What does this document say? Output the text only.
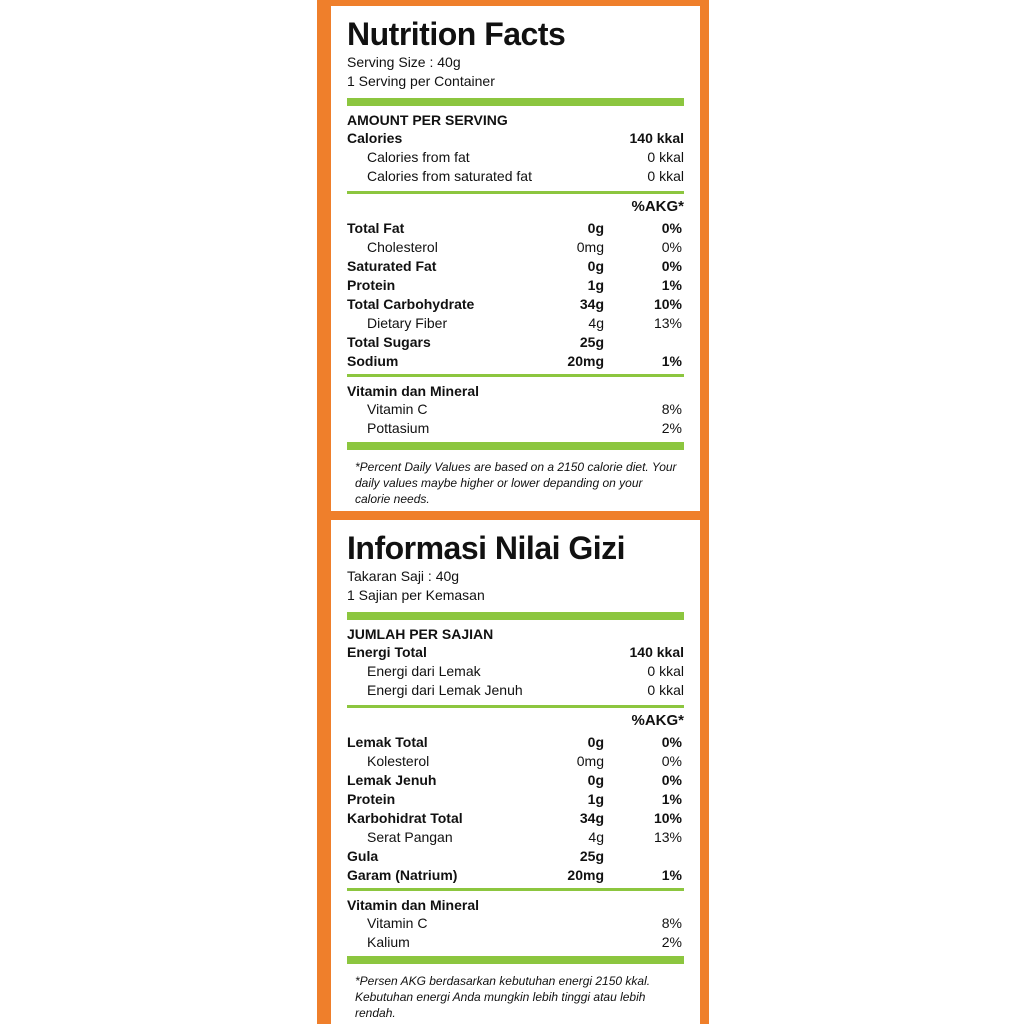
Nutrition Facts
Serving Size : 40g
1 Serving per Container
AMOUNT PER SERVING
Calories	140 kkal
Calories from fat	0 kkal
Calories from saturated fat	0 kkal
%AKG*
Total Fat	0g	0%
Cholesterol	0mg	0%
Saturated Fat	0g	0%
Protein	1g	1%
Total Carbohydrate	34g	10%
Dietary Fiber	4g	13%
Total Sugars	25g
Sodium	20mg	1%
Vitamin dan Mineral
Vitamin C	8%
Pottasium	2%
*Percent Daily Values are based on a 2150 calorie diet. Your daily values maybe higher or lower depanding on your calorie needs.
Informasi Nilai Gizi
Takaran Saji : 40g
1 Sajian per Kemasan
JUMLAH PER SAJIAN
Energi Total	140 kkal
Energi dari Lemak	0 kkal
Energi dari Lemak Jenuh	0 kkal
%AKG*
Lemak Total	0g	0%
Kolesterol	0mg	0%
Lemak Jenuh	0g	0%
Protein	1g	1%
Karbohidrat Total	34g	10%
Serat Pangan	4g	13%
Gula	25g
Garam (Natrium)	20mg	1%
Vitamin dan Mineral
Vitamin C	8%
Kalium	2%
*Persen AKG berdasarkan kebutuhan energi 2150 kkal. Kebutuhan energi Anda mungkin lebih tinggi atau lebih rendah.
